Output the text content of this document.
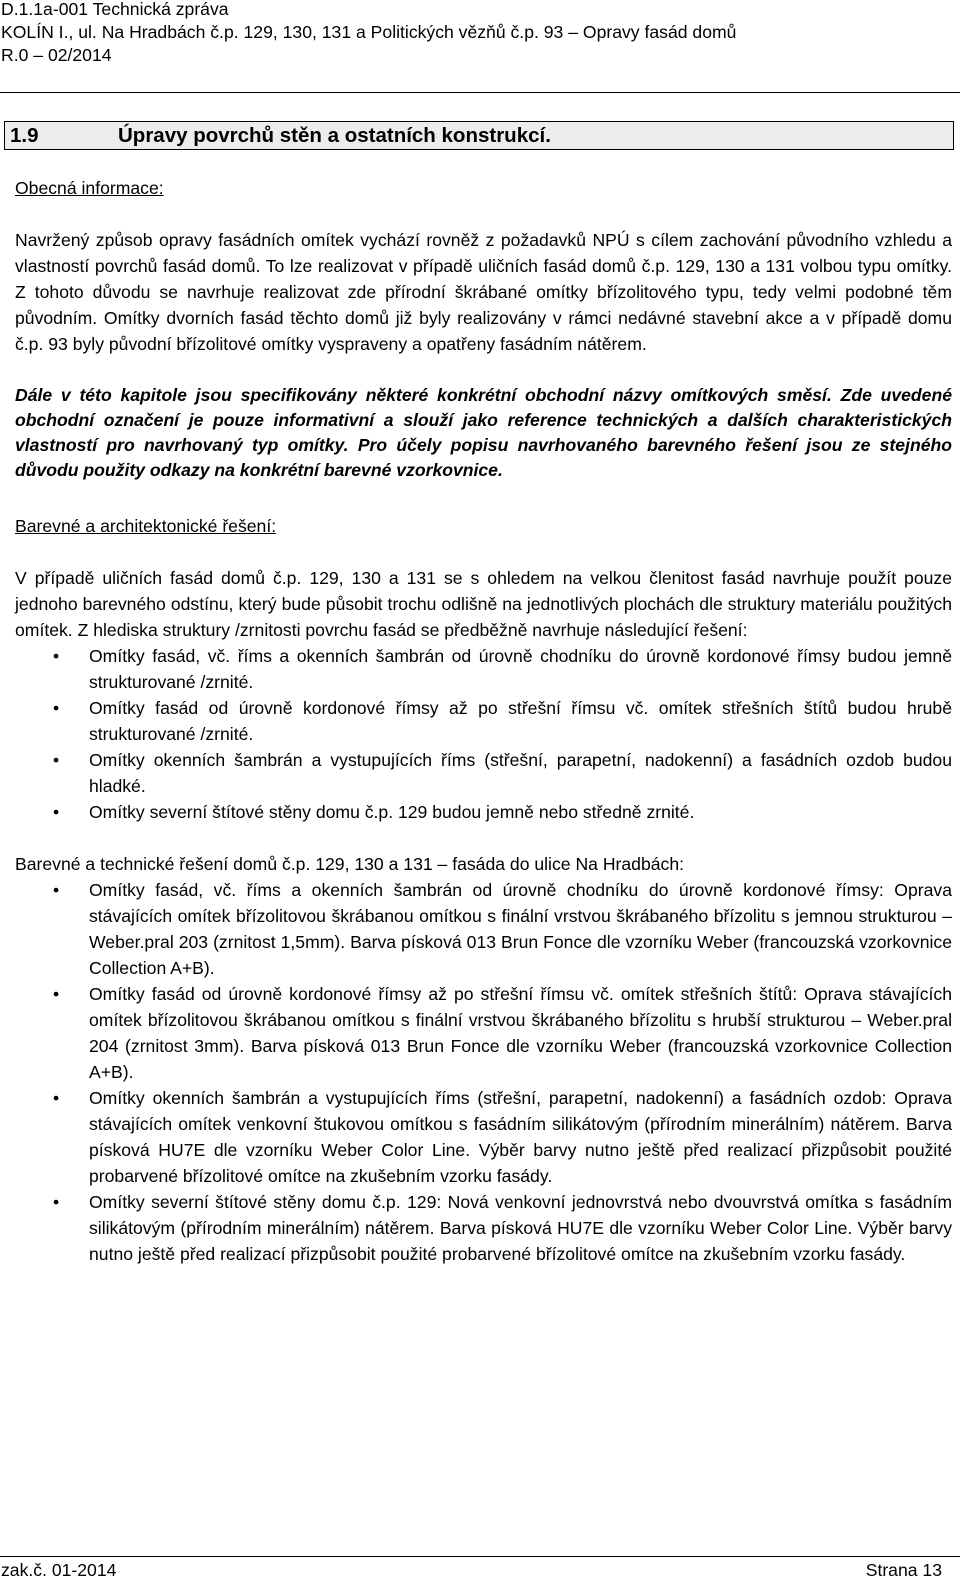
D.1.1a-001 Technická zpráva
KOLÍN I., ul. Na Hradbách č.p. 129, 130, 131 a Politických vězňů č.p. 93 – Opravy fasád domů
R.0 – 02/2014
1.9	Úpravy povrchů stěn a ostatních konstrukcí.

Obecná informace:

Navržený způsob opravy fasádních omítek vychází rovněž z požadavků NPÚ s cílem zachování původního vzhledu a vlastností povrchů fasád domů. To lze realizovat v případě uličních fasád domů č.p. 129, 130 a 131 volbou typu omítky. Z tohoto důvodu se navrhuje realizovat zde přírodní škrábané omítky břízolitového typu, tedy velmi podobné těm původním. Omítky dvorních fasád těchto domů již byly realizovány v rámci nedávné stavební akce a v případě domu č.p. 93 byly původní břízolitové omítky vyspraveny a opatřeny fasádním nátěrem.

Dále v této kapitole jsou specifikovány některé konkrétní obchodní názvy omítkových směsí. Zde uvedené obchodní označení je pouze informativní a slouží jako reference technických a dalších charakteristických vlastností pro navrhovaný typ omítky. Pro účely popisu navrhovaného barevného řešení jsou ze stejného důvodu použity odkazy na konkrétní barevné vzorkovnice.

Barevné a architektonické řešení:

V případě uličních fasád domů č.p. 129, 130 a 131 se s ohledem na velkou členitost fasád navrhuje použít pouze jednoho barevného odstínu, který bude působit trochu odlišně na jednotlivých plochách dle struktury materiálu použitých omítek. Z hlediska struktury /zrnitosti povrchu fasád se předběžně navrhuje následující řešení:

• Omítky fasád, vč. říms a okenních šambrán od úrovně chodníku do úrovně kordonové římsy budou jemně strukturované /zrnité.
• Omítky fasád od úrovně kordonové římsy až po střešní římsu vč. omítek střešních štítů budou hrubě strukturované /zrnité.
• Omítky okenních šambrán a vystupujících říms (střešní, parapetní, nadokenní) a fasádních ozdob budou hladké.
• Omítky severní štítové stěny domu č.p. 129 budou jemně nebo středně zrnité.

Barevné a technické řešení domů č.p. 129, 130 a 131 – fasáda do ulice Na Hradbách:

• Omítky fasád, vč. říms a okenních šambrán od úrovně chodníku do úrovně kordonové římsy: Oprava stávajících omítek břízolitovou škrábanou omítkou s finální vrstvou škrábaného břízolitu s jemnou strukturou – Weber.pral 203 (zrnitost 1,5mm). Barva písková 013 Brun Fonce dle vzorníku Weber (francouzská vzorkovnice Collection A+B).
• Omítky fasád od úrovně kordonové římsy až po střešní římsu vč. omítek střešních štítů: Oprava stávajících omítek břízolitovou škrábanou omítkou s finální vrstvou škrábaného břízolitu s hrubší strukturou – Weber.pral 204 (zrnitost 3mm). Barva písková 013 Brun Fonce dle vzorníku Weber (francouzská vzorkovnice Collection A+B).
• Omítky okenních šambrán a vystupujících říms (střešní, parapetní, nadokenní) a fasádních ozdob: Oprava stávajících omítek venkovní štukovou omítkou s fasádním silikátovým (přírodním minerálním) nátěrem. Barva písková HU7E dle vzorníku Weber Color Line. Výběr barvy nutno ještě před realizací přizpůsobit použité probarvené břízolitové omítce na zkušebním vzorku fasády.
• Omítky severní štítové stěny domu č.p. 129: Nová venkovní jednovrstvá nebo dvouvrstvá omítka s fasádním silikátovým (přírodním minerálním) nátěrem. Barva písková HU7E dle vzorníku Weber Color Line. Výběr barvy nutno ještě před realizací přizpůsobit použité probarvené břízolitové omítce na zkušebním vzorku fasády.
zak.č. 01-2014	Strana 13
